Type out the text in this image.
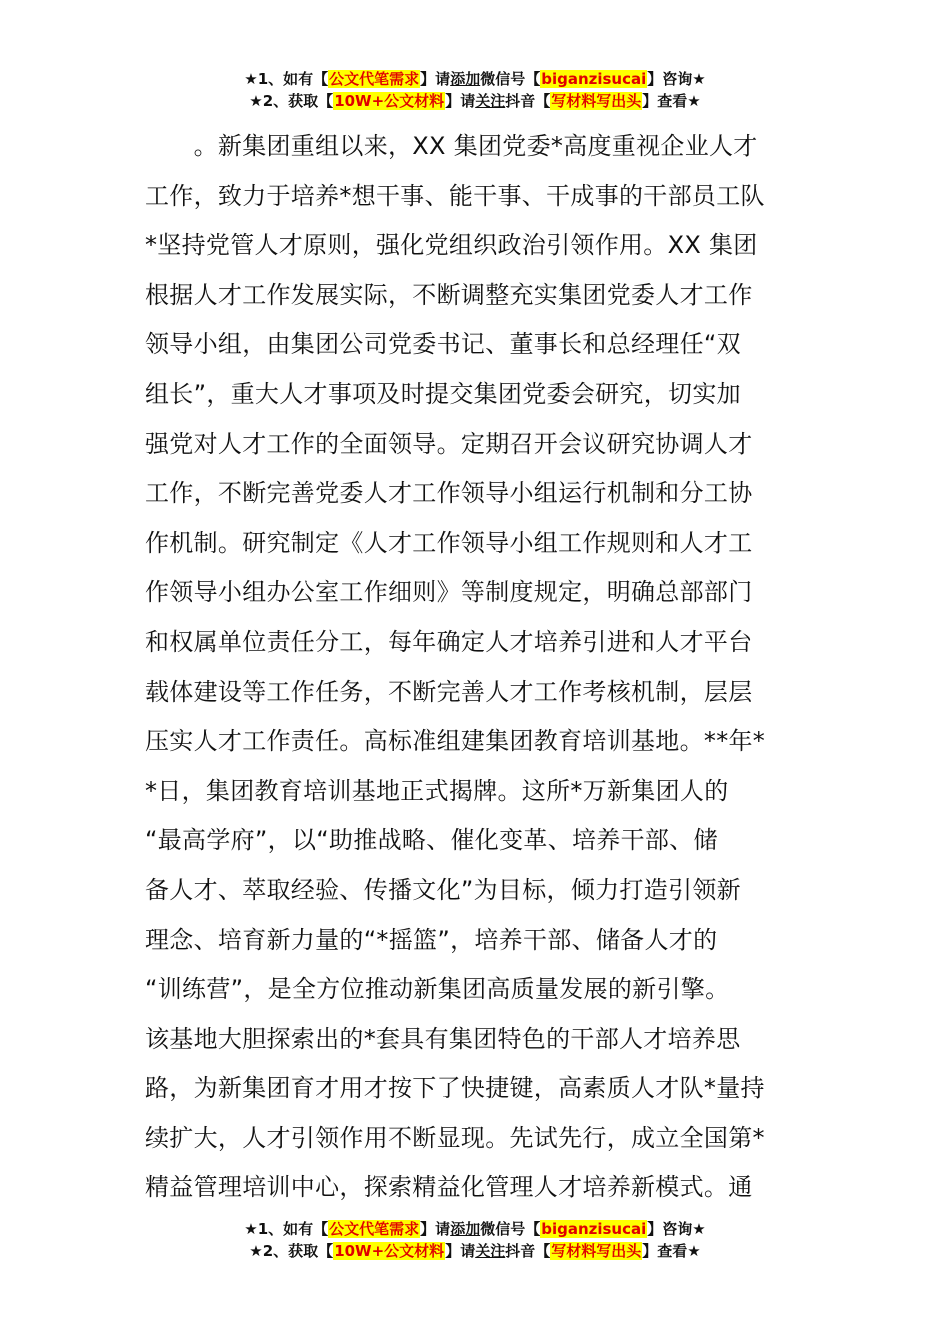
★1、如有【公文代笔需求】请添加微信号【biganzisucai】咨询★
★2、获取【10W+公文材料】请关注抖音【写材料写出头】查看★

　　。新集团重组以来，XX 集团党委*高度重视企业人才

工作，致力于培养*想干事、能干事、干成事的干部员工队

*坚持党管人才原则，强化党组织政治引领作用。XX 集团

根据人才工作发展实际，不断调整充实集团党委人才工作

领导小组，由集团公司党委书记、董事长和总经理任“双

组长”，重大人才事项及时提交集团党委会研究，切实加

强党对人才工作的全面领导。定期召开会议研究协调人才

工作，不断完善党委人才工作领导小组运行机制和分工协

作机制。研究制定《人才工作领导小组工作规则和人才工

作领导小组办公室工作细则》等制度规定，明确总部部门

和权属单位责任分工，每年确定人才培养引进和人才平台

载体建设等工作任务，不断完善人才工作考核机制，层层

压实人才工作责任。高标准组建集团教育培训基地。**年*

*日，集团教育培训基地正式揭牌。这所*万新集团人的

“最高学府”，以“助推战略、催化变革、培养干部、储

备人才、萃取经验、传播文化”为目标，倾力打造引领新

理念、培育新力量的“*摇篮”，培养干部、储备人才的

“训练营”，是全方位推动新集团高质量发展的新引擎。

该基地大胆探索出的*套具有集团特色的干部人才培养思

路，为新集团育才用才按下了快捷键，高素质人才队*量持

续扩大，人才引领作用不断显现。先试先行，成立全国第*

精益管理培训中心，探索精益化管理人才培养新模式。通

★1、如有【公文代笔需求】请添加微信号【biganzisucai】咨询★
★2、获取【10W+公文材料】请关注抖音【写材料写出头】查看★
